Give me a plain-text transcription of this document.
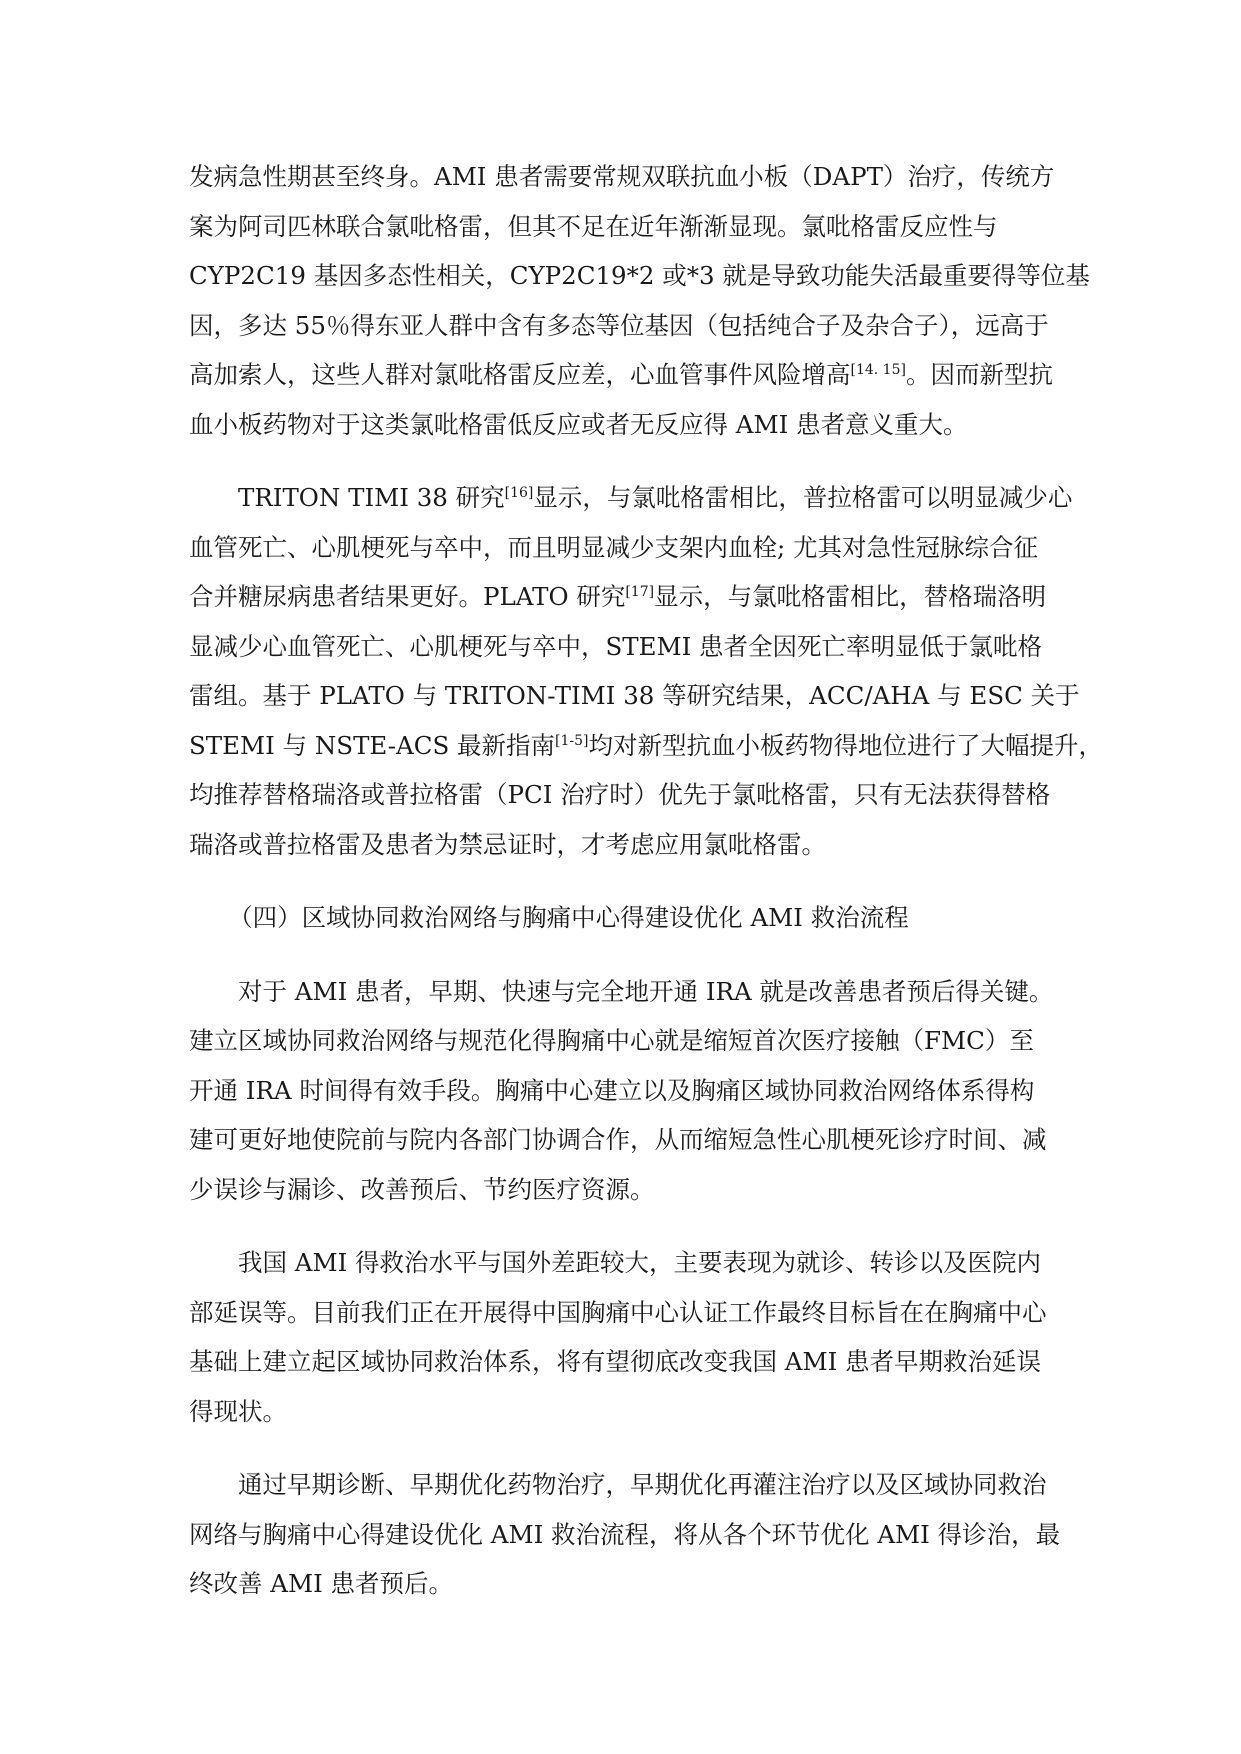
发病急性期甚至终身。AMI 患者需要常规双联抗血小板（DAPT）治疗，传统方
案为阿司匹林联合氯吡格雷，但其不足在近年渐渐显现。氯吡格雷反应性与
CYP2C19 基因多态性相关，CYP2C19*2 或*3 就是导致功能失活最重要得等位基
因，多达 55％得东亚人群中含有多态等位基因（包括纯合子及杂合子），远高于
高加索人，这些人群对氯吡格雷反应差，心血管事件风险增高[14. 15]。因而新型抗
血小板药物对于这类氯吡格雷低反应或者无反应得 AMI 患者意义重大。
TRITON TIMI 38 研究[16]显示，与氯吡格雷相比，普拉格雷可以明显减少心
血管死亡、心肌梗死与卒中，而且明显减少支架内血栓; 尤其对急性冠脉综合征
合并糖尿病患者结果更好。PLATO 研究[17]显示，与氯吡格雷相比，替格瑞洛明
显减少心血管死亡、心肌梗死与卒中，STEMI 患者全因死亡率明显低于氯吡格
雷组。基于 PLATO 与 TRITON-TIMI 38 等研究结果，ACC/AHA 与 ESC 关于
STEMI 与 NSTE-ACS 最新指南[1-5]均对新型抗血小板药物得地位进行了大幅提升，
均推荐替格瑞洛或普拉格雷（PCI 治疗时）优先于氯吡格雷，只有无法获得替格
瑞洛或普拉格雷及患者为禁忌证时，才考虑应用氯吡格雷。
（四）区域协同救治网络与胸痛中心得建设优化 AMI 救治流程
对于 AMI 患者，早期、快速与完全地开通 IRA 就是改善患者预后得关键。
建立区域协同救治网络与规范化得胸痛中心就是缩短首次医疗接触（FMC）至
开通 IRA 时间得有效手段。胸痛中心建立以及胸痛区域协同救治网络体系得构
建可更好地使院前与院内各部门协调合作，从而缩短急性心肌梗死诊疗时间、减
少误诊与漏诊、改善预后、节约医疗资源。
我国 AMI 得救治水平与国外差距较大，主要表现为就诊、转诊以及医院内
部延误等。目前我们正在开展得中国胸痛中心认证工作最终目标旨在在胸痛中心
基础上建立起区域协同救治体系，将有望彻底改变我国 AMI 患者早期救治延误
得现状。
通过早期诊断、早期优化药物治疗，早期优化再灌注治疗以及区域协同救治
网络与胸痛中心得建设优化 AMI 救治流程，将从各个环节优化 AMI 得诊治，最
终改善 AMI 患者预后。
